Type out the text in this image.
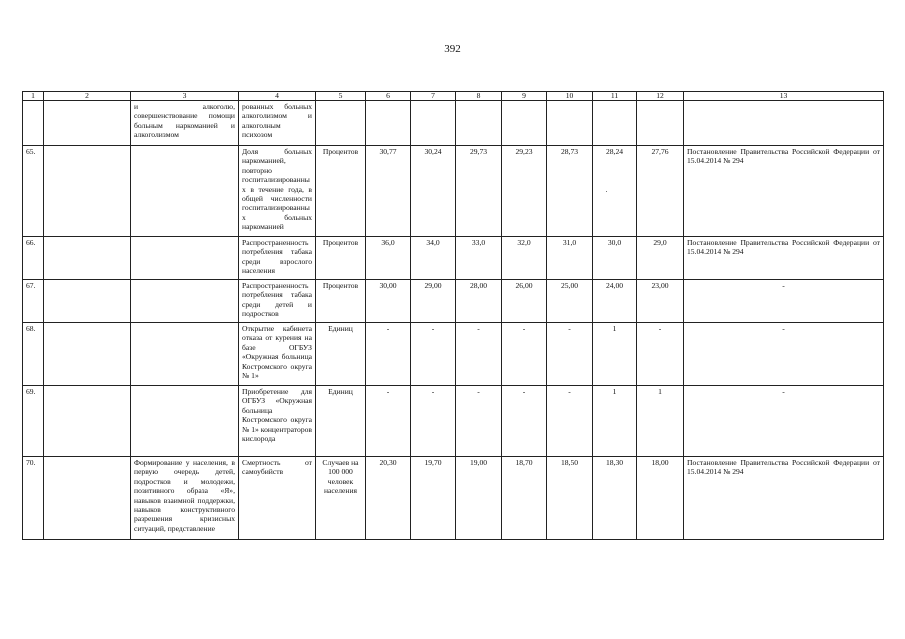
392
1	2	3	4	5	6	7	8	9	10	11	12	13
		и алкоголю, совершенствование помощи больным наркоманией и алкоголизмом	рованных больных алкоголизмом и алкоголным психозом									
65.			Доля больных наркоманией, повторно госпитализированных в течение года, в общей численности госпитализированных больных наркоманией	Процентов	30,77	30,24	29,73	29,23	28,73	28,24	27,76	Постановление Правительства Российской Федерации от 15.04.2014 № 294
66.			Распространенность потребления табака среди взрослого населения	Процентов	36,0	34,0	33,0	32,0	31,0	30,0	29,0	Постановление Правительства Российской Федерации от 15.04.2014 № 294
67.			Распространенность потребления табака среди детей и подростков	Процентов	30,00	29,00	28,00	26,00	25,00	24,00	23,00	-
68.			Открытие кабинета отказа от курения на базе ОГБУЗ «Окружная больница Костромского округа № 1»	Единиц	-	-	-	-	-	1	-	-
69.			Приобретение для ОГБУЗ «Окружная больница Костромского округа № 1» концентраторов кислорода	Единиц	-	-	-	-	-	1	1	-
70.		Формирование у населения, в первую очередь детей, подростков и молодежи, позитивного образа «Я», навыков взаимной поддержки, навыков конструктивного разрешения кризисных ситуаций, представление	Смертность от самоубийств	Случаев на 100 000 человек населения	20,30	19,70	19,00	18,70	18,50	18,30	18,00	Постановление Правительства Российской Федерации от 15.04.2014 № 294
